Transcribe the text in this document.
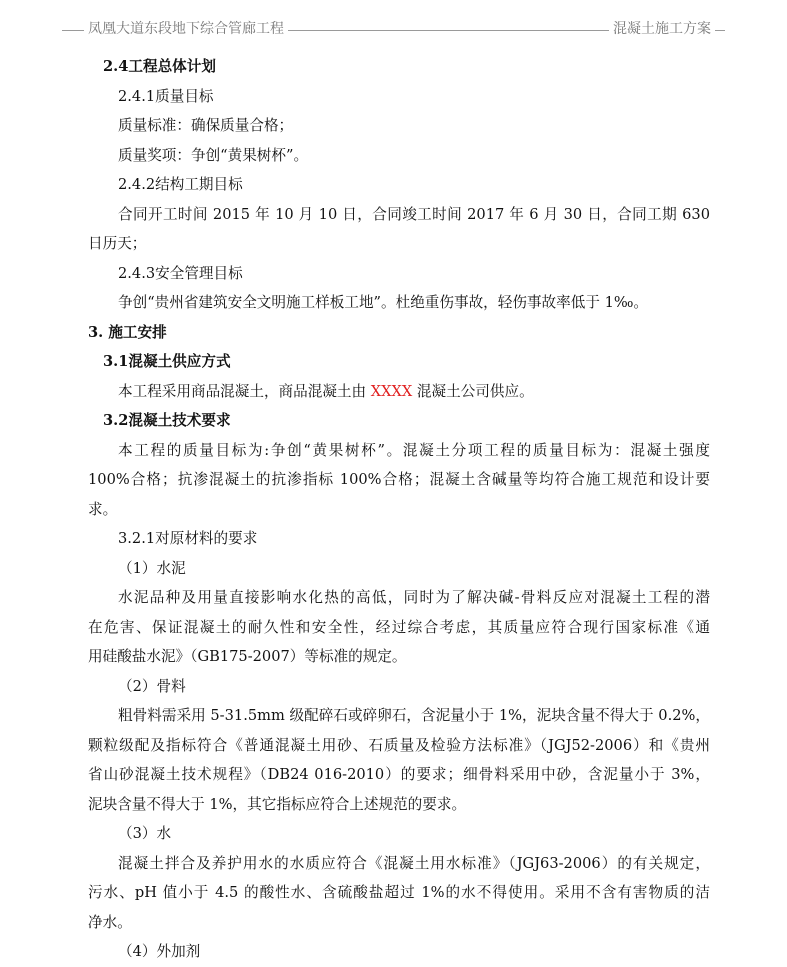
凤凰大道东段地下综合管廊工程	混凝土施工方案
2.4工程总体计划
2.4.1质量目标
质量标准：确保质量合格；
质量奖项：争创“黄果树杯”。
2.4.2结构工期目标
合同开工时间 2015 年 10 月 10 日，合同竣工时间 2017 年 6 月 30 日，合同工期 630
日历天；
2.4.3安全管理目标
争创“贵州省建筑安全文明施工样板工地”。杜绝重伤事故，轻伤事故率低于 1‰。
3. 施工安排
3.1混凝土供应方式
本工程采用商品混凝土，商品混凝土由 XXXX 混凝土公司供应。
3.2混凝土技术要求
本工程的质量目标为:争创“黄果树杯”。混凝土分项工程的质量目标为：混凝土强度
100%合格；抗渗混凝土的抗渗指标 100%合格；混凝土含碱量等均符合施工规范和设计要
求。
3.2.1对原材料的要求
（1）水泥
水泥品种及用量直接影响水化热的高低，同时为了解决碱-骨料反应对混凝土工程的潜
在危害、保证混凝土的耐久性和安全性，经过综合考虑，其质量应符合现行国家标准《通
用硅酸盐水泥》（GB175-2007）等标准的规定。
（2）骨料
粗骨料需采用 5-31.5mm 级配碎石或碎卵石，含泥量小于 1%，泥块含量不得大于 0.2%，
颗粒级配及指标符合《普通混凝土用砂、石质量及检验方法标准》（JGJ52-2006）和《贵州
省山砂混凝土技术规程》（DB24 016-2010）的要求；细骨料采用中砂，含泥量小于 3%，
泥块含量不得大于 1%，其它指标应符合上述规范的要求。
（3）水
混凝土拌合及养护用水的水质应符合《混凝土用水标准》（JGJ63-2006）的有关规定，
污水、pH 值小于 4.5 的酸性水、含硫酸盐超过 1%的水不得使用。采用不含有害物质的洁
净水。
（4）外加剂
